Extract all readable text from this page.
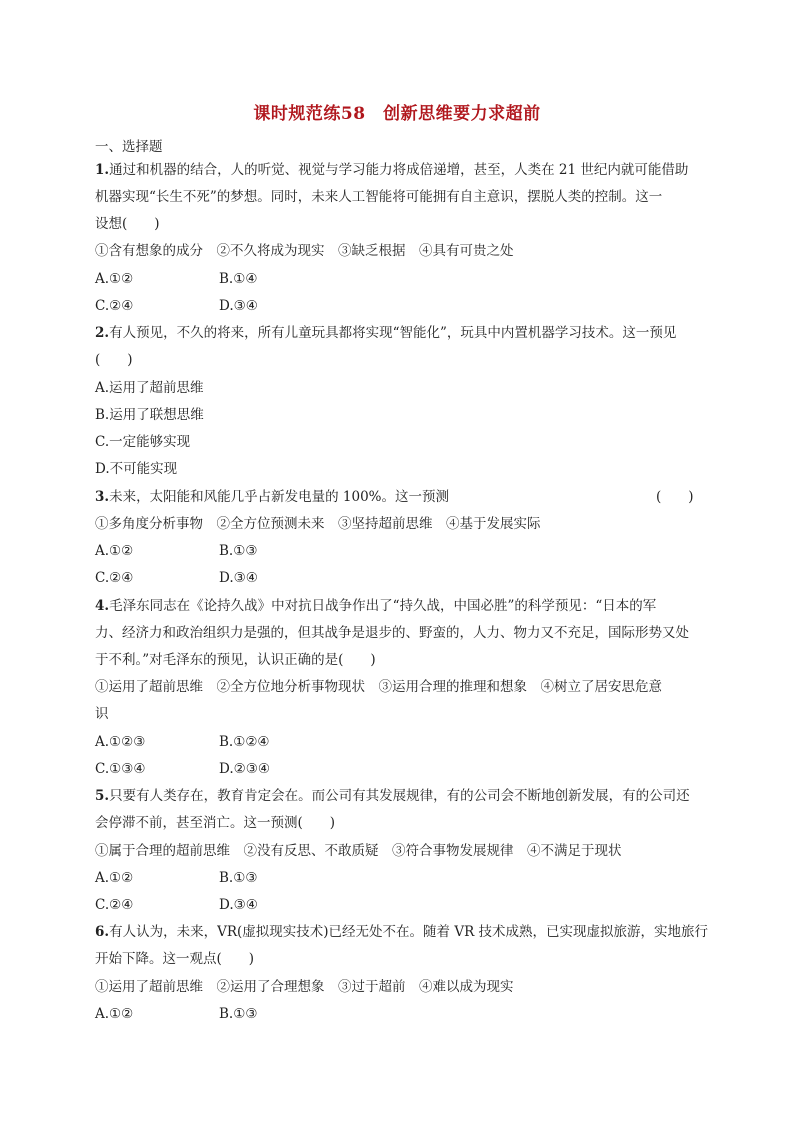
课时规范练58　创新思维要力求超前
一、选择题
1.通过和机器的结合，人的听觉、视觉与学习能力将成倍递增，甚至，人类在 21 世纪内就可能借助
机器实现“长生不死”的梦想。同时，未来人工智能将可能拥有自主意识，摆脱人类的控制。这一
设想(　　)
①含有想象的成分　②不久将成为现实　③缺乏根据　④具有可贵之处
A.①②	B.①④
C.②④	D.③④
2.有人预见，不久的将来，所有儿童玩具都将实现“智能化”，玩具中内置机器学习技术。这一预见
(　　)
A.运用了超前思维
B.运用了联想思维
C.一定能够实现
D.不可能实现
3.未来，太阳能和风能几乎占新发电量的 100%。这一预测	(　　)
①多角度分析事物　②全方位预测未来　③坚持超前思维　④基于发展实际
A.①②	B.①③
C.②④	D.③④
4.毛泽东同志在《论持久战》中对抗日战争作出了“持久战，中国必胜”的科学预见：“日本的军
力、经济力和政治组织力是强的，但其战争是退步的、野蛮的，人力、物力又不充足，国际形势又处
于不利。”对毛泽东的预见，认识正确的是(　　)
①运用了超前思维　②全方位地分析事物现状　③运用合理的推理和想象　④树立了居安思危意
识
A.①②③	B.①②④
C.①③④	D.②③④
5.只要有人类存在，教育肯定会在。而公司有其发展规律，有的公司会不断地创新发展，有的公司还
会停滞不前，甚至消亡。这一预测(　　)
①属于合理的超前思维　②没有反思、不敢质疑　③符合事物发展规律　④不满足于现状
A.①②	B.①③
C.②④	D.③④
6.有人认为，未来，VR(虚拟现实技术)已经无处不在。随着 VR 技术成熟，已实现虚拟旅游，实地旅行
开始下降。这一观点(　　)
①运用了超前思维　②运用了合理想象　③过于超前　④难以成为现实
A.①②	B.①③
